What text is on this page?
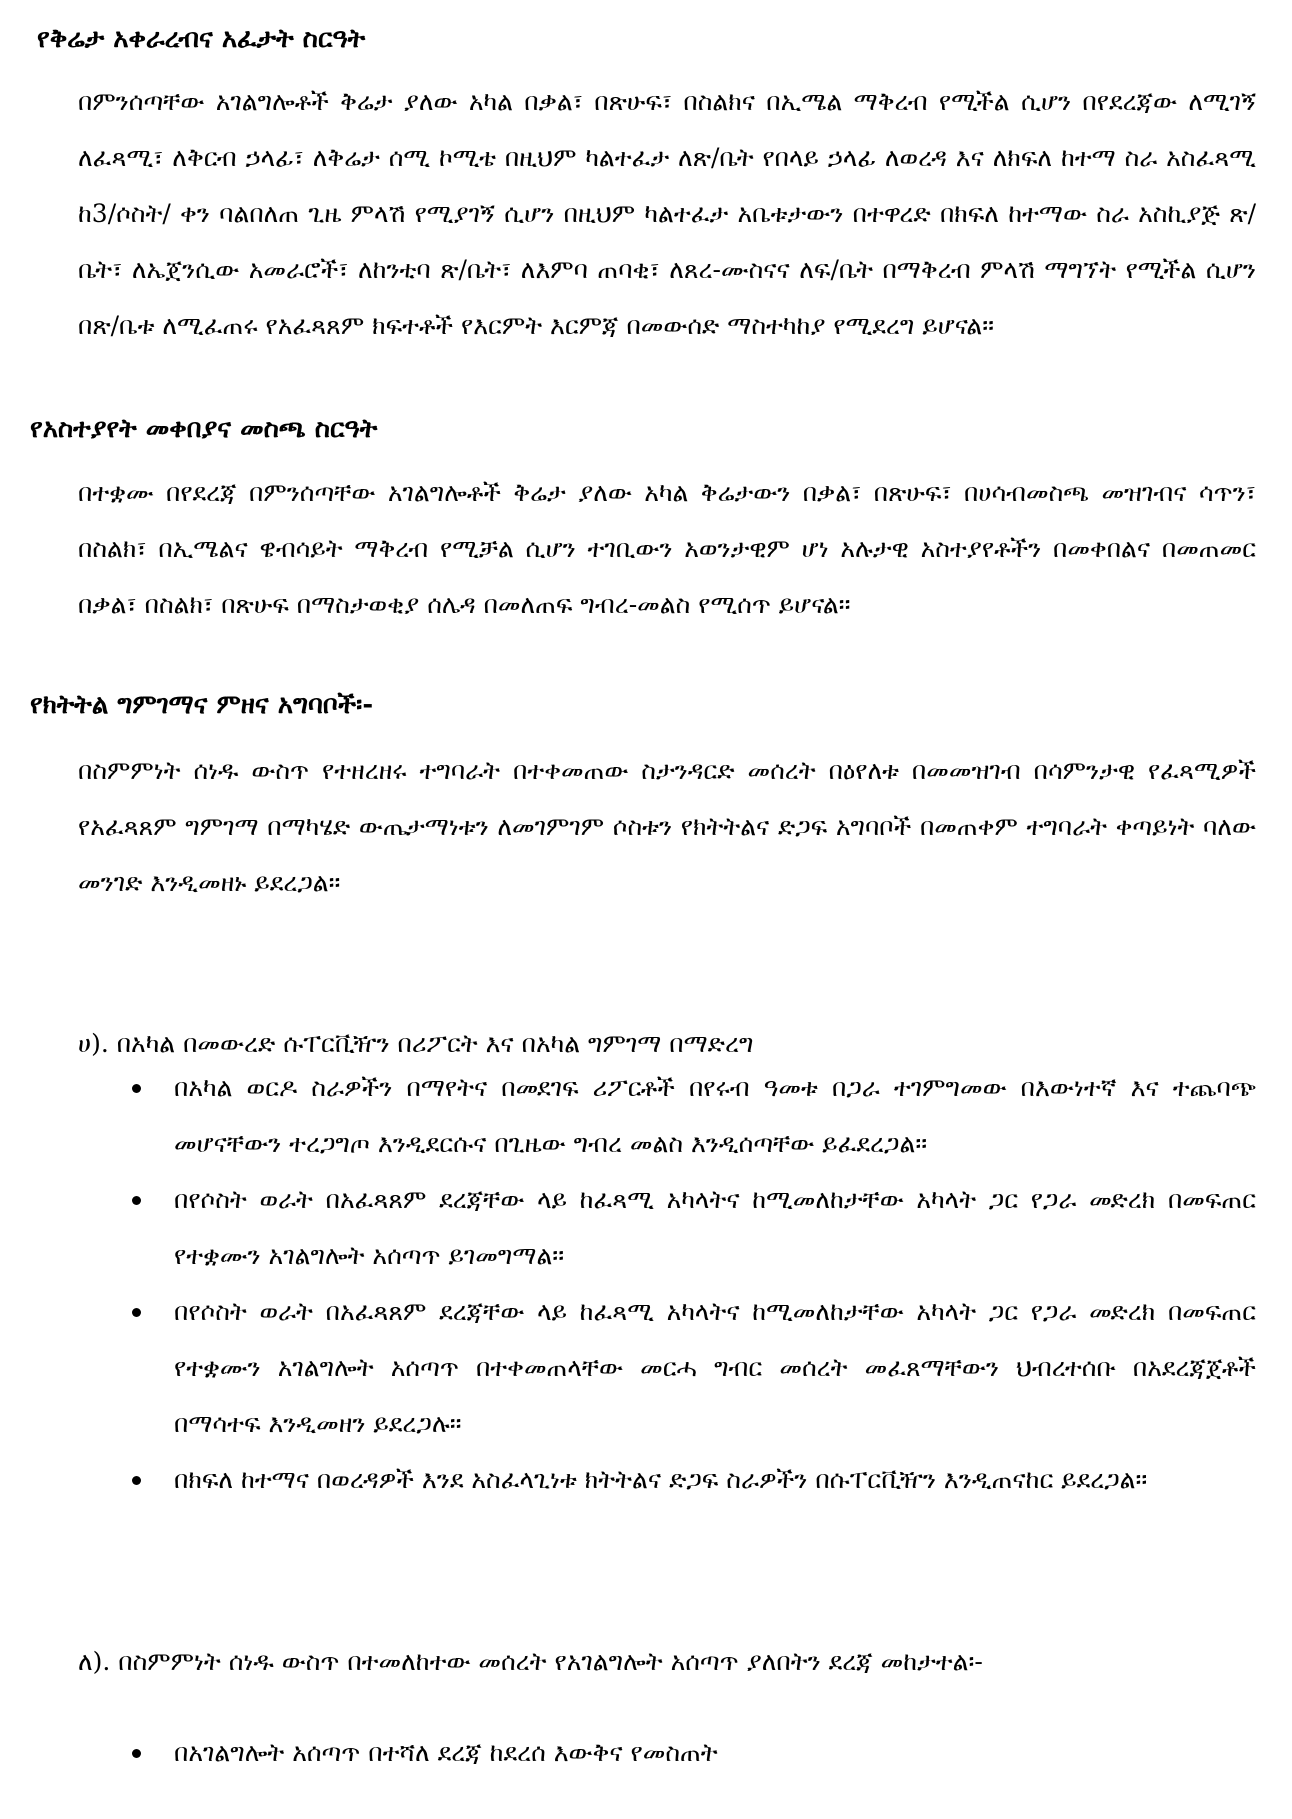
የቅሬታ አቀራረብና አፈታት ስርዓት
በምንሰጣቸው አገልግሎቶች ቅሬታ ያለው አካል በቃል፣ በጽሁፍ፣ በስልክና በኢሜል ማቅረብ የሚችል ሲሆን በየደረጃው ለሚገኝ ለፈጻሚ፣ ለቅርብ ኃላፊ፣ ለቅሬታ ሰሚ ኮሚቴ በዚህም ካልተፈታ ለጽ/ቤት የበላይ ኃላፊ ለወረዳ እና ለክፍለ ከተማ ስራ አስፈጻሚ ከ3/ሶስት/ ቀን ባልበለጠ ጊዜ ምላሽ የሚያገኝ ሲሆን በዚህም ካልተፈታ አቤቱታውን በተዋረድ በክፍለ ከተማው ስራ አስኪያጅ ጽ/ቤት፣ ለኤጀንሲው አመራሮች፣ ለከንቲባ ጽ/ቤት፣ ለእምባ ጠባቂ፣ ለጸረ-ሙስናና ለፍ/ቤት በማቅረብ ምላሽ ማግኘት የሚችል ሲሆን በጽ/ቤቱ ለሚፈጠሩ የአፈጻጸም ክፍተቶች የእርምት እርምጃ በመውሰድ ማስተካከያ የሚደረግ ይሆናል፡፡
የአስተያየት መቀበያና መስጫ ስርዓት
በተቋሙ በየደረጃ በምንሰጣቸው አገልግሎቶች ቅሬታ ያለው አካል ቅሬታውን በቃል፣ በጽሁፍ፣ በሀሳብመስጫ መዝገብና ሳጥን፣ በስልክ፣ በኢሜልና ዌብሳይት ማቅረብ የሚቻል ሲሆን ተገቢውን አወንታዊም ሆነ አሉታዊ አስተያየቶችን በመቀበልና በመጠመር በቃል፣ በስልክ፣ በጽሁፍ በማስታወቂያ ሰሌዳ በመለጠፍ ግብረ-መልስ የሚሰጥ ይሆናል፡፡
የክትትል ግምገማና ምዘና አግባቦች፡-
በስምምነት ሰነዱ ውስጥ የተዘረዘሩ ተግባራት በተቀመጠው ስታንዳርድ መሰረት በዕየለቱ በመመዝገብ በሳምንታዊ የፈጻሚዎች የአፈጻጸም ግምገማ በማካሄድ ውጤታማነቱን ለመገምገም ሶስቱን የክትትልና ድጋፍ አግባቦች በመጠቀም ተግባራት ቀጣይነት ባለው መንገድ እንዲመዘኑ ይደረጋል፡፡
ሀ). በአካል በመውረድ ሱፐርቪዥን በሪፖርት እና በአካል ግምገማ በማድረግ
በአካል ወርዶ ስራዎችን በማየትና በመደገፍ ሪፖርቶች በየሩብ ዓመቱ በጋራ ተገምግመው በእውነተኛ እና ተጨባጭ መሆናቸውን ተረጋግጦ እንዲደርሱና በጊዜው ግብረ መልስ እንዲሰጣቸው ይፈደረጋል፡፡
በየሶስት ወራት በአፈጻጸም ደረጃቸው ላይ ከፈጻሚ አካላትና ከሚመለከታቸው አካላት ጋር የጋራ መድረክ በመፍጠር የተቋሙን አገልግሎት አሰጣጥ ይገመግማል፡፡
በየሶስት ወራት በአፈጻጸም ደረጃቸው ላይ ከፈጻሚ አካላትና ከሚመለከታቸው አካላት ጋር የጋራ መድረክ በመፍጠር የተቋሙን አገልግሎት አሰጣጥ በተቀመጠላቸው መርሓ ግብር መሰረት መፈጸማቸውን ህብረተሰቡ በአደረጃጀቶች በማሳተፍ እንዲመዘን ይደረጋሉ፡፡
በክፍለ ከተማና በወረዳዎች እንደ አስፈላጊነቱ ክትትልና ድጋፍ ስራዎችን በሱፐርቪዥን እንዲጠናከር ይደረጋል፡፡
ለ). በስምምነት ሰነዱ ውስጥ በተመለከተው መሰረት የአገልግሎት አሰጣጥ ያለበትን ደረጃ መከታተል፡-
በአገልግሎት አሰጣጥ በተሻለ ደረጃ ከደረሰ እውቅና የመስጠት
